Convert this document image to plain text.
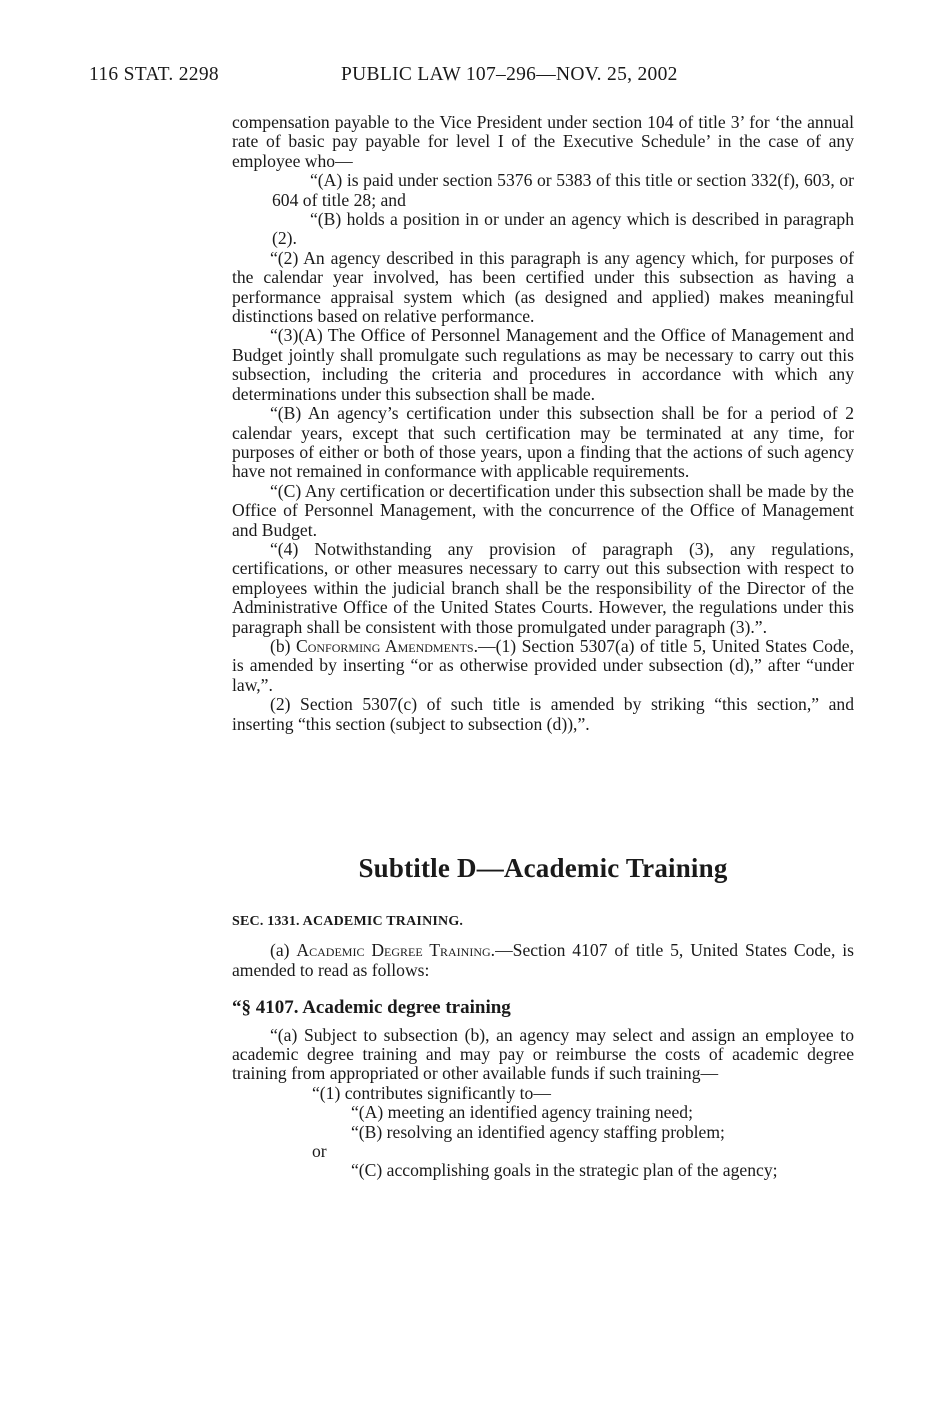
116 STAT. 2298	PUBLIC LAW 107–296—NOV. 25, 2002

compensation payable to the Vice President under section 104 of title 3’ for ‘the annual rate of basic pay payable for level I of the Executive Schedule’ in the case of any employee who—

“(A) is paid under section 5376 or 5383 of this title or section 332(f), 603, or 604 of title 28; and

“(B) holds a position in or under an agency which is described in paragraph (2).

“(2) An agency described in this paragraph is any agency which, for purposes of the calendar year involved, has been certified under this subsection as having a performance appraisal system which (as designed and applied) makes meaningful distinctions based on relative performance.

“(3)(A) The Office of Personnel Management and the Office of Management and Budget jointly shall promulgate such regulations as may be necessary to carry out this subsection, including the criteria and procedures in accordance with which any determinations under this subsection shall be made.

“(B) An agency’s certification under this subsection shall be for a period of 2 calendar years, except that such certification may be terminated at any time, for purposes of either or both of those years, upon a finding that the actions of such agency have not remained in conformance with applicable requirements.

“(C) Any certification or decertification under this subsection shall be made by the Office of Personnel Management, with the concurrence of the Office of Management and Budget.

“(4) Notwithstanding any provision of paragraph (3), any regulations, certifications, or other measures necessary to carry out this subsection with respect to employees within the judicial branch shall be the responsibility of the Director of the Administrative Office of the United States Courts. However, the regulations under this paragraph shall be consistent with those promulgated under paragraph (3).”.

(b) Conforming Amendments.—(1) Section 5307(a) of title 5, United States Code, is amended by inserting “or as otherwise provided under subsection (d),” after “under law,”.

(2) Section 5307(c) of such title is amended by striking “this section,” and inserting “this section (subject to subsection (d)),”.

Subtitle D—Academic Training

SEC. 1331. ACADEMIC TRAINING.

(a) Academic Degree Training.—Section 4107 of title 5, United States Code, is amended to read as follows:

“§ 4107. Academic degree training

“(a) Subject to subsection (b), an agency may select and assign an employee to academic degree training and may pay or reimburse the costs of academic degree training from appropriated or other available funds if such training—

“(1) contributes significantly to—

“(A) meeting an identified agency training need;

“(B) resolving an identified agency staffing problem;

or

“(C) accomplishing goals in the strategic plan of the agency;
